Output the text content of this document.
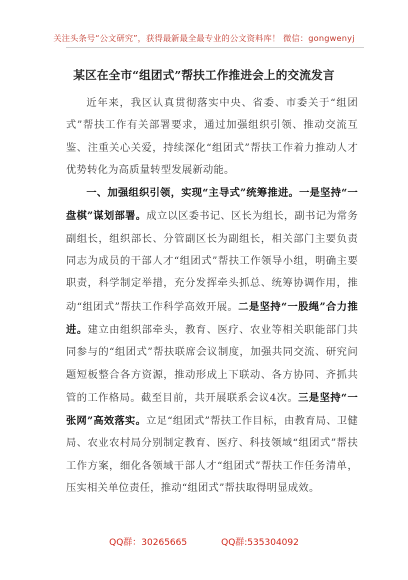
关注头条号“公文研究”，获得最新最全最专业的公文资料库！ 微信：gongwenyj
某区在全市“组团式”帮扶工作推进会上的交流发言

近年来，我区认真贯彻落实中央、省委、市委关于“组团式”帮扶工作有关部署要求，通过加强组织引领、推动交流互鉴、注重关心关爱，持续深化“组团式”帮扶工作着力推动人才优势转化为高质量转型发展新动能。

一、加强组织引领，实现“主导式”统筹推进。一是坚持“一盘棋”谋划部署。成立以区委书记、区长为组长，副书记为常务副组长，组织部长、分管副区长为副组长，相关部门主要负责同志为成员的干部人才“组团式”帮扶工作领导小组，明确主要职责，科学制定举措，充分发挥牵头抓总、统筹协调作用，推动“组团式”帮扶工作科学高效开展。二是坚持“一股绳”合力推进。建立由组织部牵头，教育、医疗、农业等相关职能部门共同参与的“组团式”帮扶联席会议制度，加强共同交流、研究问题短板整合各方资源，推动形成上下联动、各方协同、齐抓共管的工作格局。截至目前，共开展联系会议4次。三是坚持“一张网”高效落实。立足“组团式”帮扶工作目标，由教育局、卫健局、农业农村局分别制定教育、医疗、科技领域“组团式”帮扶工作方案，细化各领域干部人才“组团式”帮扶工作任务清单，压实相关单位责任，推动“组团式”帮扶取得明显成效。

QQ群：30265665	QQ群:535304092
